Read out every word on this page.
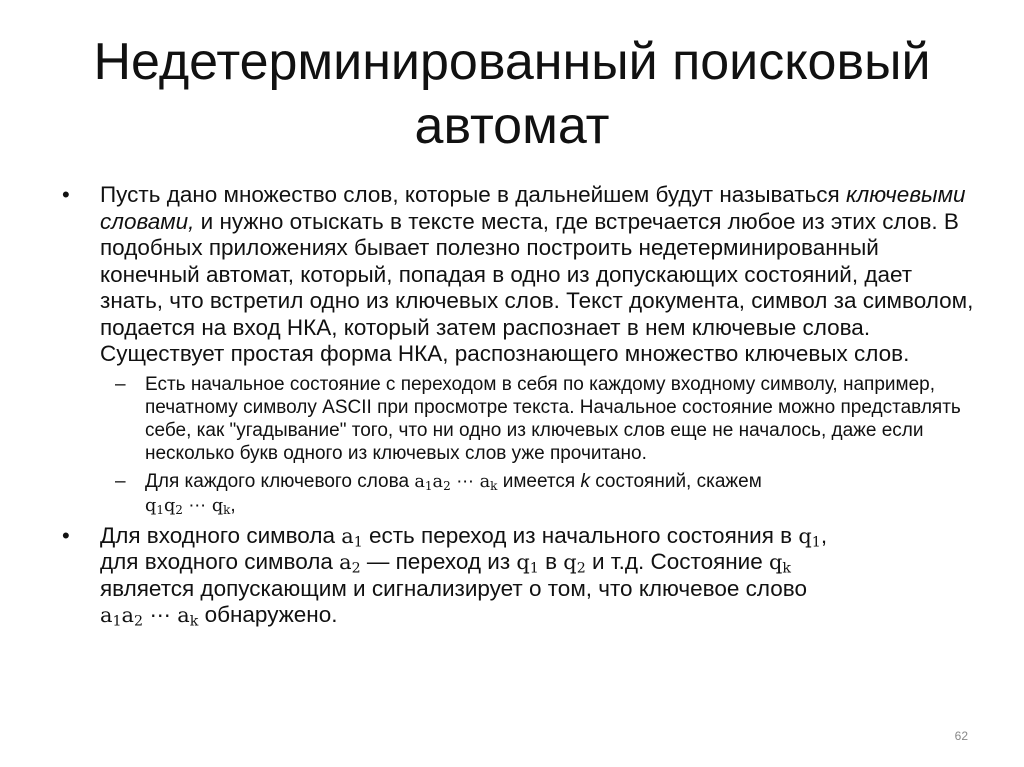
Недетерминированный поисковый автомат

• Пусть дано множество слов, которые в дальнейшем будут называться ключевыми словами, и нужно отыскать в тексте места, где встречается любое из этих слов. В подобных приложениях бывает полезно построить недетерминированный конечный автомат, который, попадая в одно из допускающих состояний, дает знать, что встретил одно из ключевых слов. Текст документа, символ за символом, подается на вход НКА, который затем распознает в нем ключевые слова. Существует простая форма НКА, распознающего множество ключевых слов.

– Есть начальное состояние с переходом в себя по каждому входному символу, например, печатному символу ASCII при просмотре текста. Начальное состояние можно представлять себе, как "угадывание" того, что ни одно из ключевых слов еще не началось, даже если несколько букв одного из ключевых слов уже прочитано.

– Для каждого ключевого слова $a_1a_2$ ⋯ $a_k$ имеется k состояний, скажем
$q_1q_2$ ⋯ $q_k$,

• Для входного символа $a_1$ есть переход из начального состояния в $q_1$,
для входного символа $a_2$ — переход из $q_1$ в $q_2$ и т.д. Состояние $q_k$
является допускающим и сигнализирует о том, что ключевое слово
$a_1a_2$ ⋯ $a_k$ обнаружено.

62
